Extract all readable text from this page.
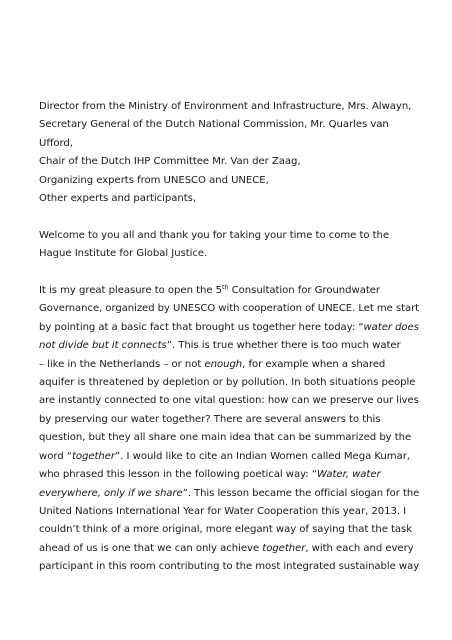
Director from the Ministry of Environment and Infrastructure, Mrs. Alwayn,
Secretary General of the Dutch National Commission, Mr. Quarles van
Ufford,
Chair of the Dutch IHP Committee Mr. Van der Zaag,
Organizing experts from UNESCO and UNECE,
Other experts and participants,
Welcome to you all and thank you for taking your time to come to the
Hague Institute for Global Justice.
It is my great pleasure to open the 5th Consultation for Groundwater
Governance, organized by UNESCO with cooperation of UNECE. Let me start
by pointing at a basic fact that brought us together here today: “water does
not divide but it connects”. This is true whether there is too much water
– like in the Netherlands – or not enough, for example when a shared
aquifer is threatened by depletion or by pollution. In both situations people
are instantly connected to one vital question: how can we preserve our lives
by preserving our water together? There are several answers to this
question, but they all share one main idea that can be summarized by the
word “together”. I would like to cite an Indian Women called Mega Kumar,
who phrased this lesson in the following poetical way: “Water, water
everywhere, only if we share”. This lesson became the official slogan for the
United Nations International Year for Water Cooperation this year, 2013. I
couldn’t think of a more original, more elegant way of saying that the task
ahead of us is one that we can only achieve together, with each and every
participant in this room contributing to the most integrated sustainable way
